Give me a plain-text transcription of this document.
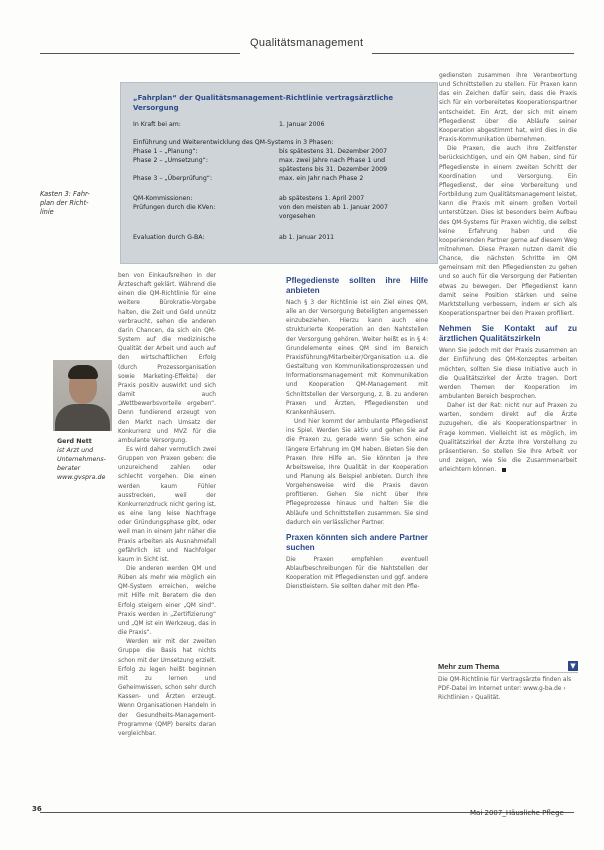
Qualitätsmanagement
„Fahrplan“ der Qualitätsmanagement-Richtlinie vertragsärztliche Versorgung
In Kraft bei am:	1. Januar 2006
Einführung und Weiterentwicklung des QM-Systems in 3 Phasen:
Phase 1 – „Planung“:	bis spätestens 31. Dezember 2007
Phase 2 – „Umsetzung“:	max. zwei Jahre nach Phase 1 und
spätestens bis 31. Dezember 2009
Phase 3 – „Überprüfung“:	max. ein Jahr nach Phase 2
QM-Kommissionen:	ab spätestens 1. April 2007
Prüfungen durch die KVen:	von den meisten ab 1. Januar 2007
vorgesehen
Evaluation durch G-BA:	ab 1. Januar 2011
Kasten 3: Fahr-plan der Richt-linie
Gerd Nett
ist Arzt und Unternehmens-berater
www.gvspra.de

ben von Einkaufsreihen in der Ärzteschaft geklärt. Während die einen die QM-Richtlinie für eine weitere Bürokratie-Vorgabe halten, die Zeit und Geld unnütz verbraucht, sehen die anderen darin Chancen, da sich ein QM-System auf die medizinische Qualität der Arbeit und auch auf den wirtschaftlichen Erfolg (durch Prozessorganisation sowie Marketing-Effekte) der Praxis positiv auswirkt und sich damit auch „Wettbewerbsvorteile ergeben“. Denn fundierend erzeugt von den Markt nach Umsatz der Konkurrenz und MVZ für die ambulante Versorgung.

Es wird daher vermutlich zwei Gruppen von Praxen geben: die unzureichend zahlen oder schlecht vorgehen. Die einen werden kaum Fühler ausstrecken, weil der Konkurrenzdruck nicht gering ist, es eine lang leise Nachfrage oder Gründungsphase gibt, oder weil man in einem Jahr näher die Praxis arbeiten als Ausnahmefall gefährlich ist und Nachfolger kaum in Sicht ist.

Die anderen werden QM und Rüben als mehr wie möglich ein QM-System erreichen, welche mit Hilfe mit Beratern die den Erfolg steigern einer „QM sind“. Praxis werden in „Zertifizierung“ und „QM ist ein Werkzeug, das in die Praxis“.

Werden wir mit der zweiten Gruppe die Basis hat nichts schon mit der Umsetzung erzielt. Erfolg zu legen heißt beginnen mit zu lernen und Geheimwissen, schon sehr durch Kassen- und Ärzten erzeugt. Wenn Organisationen Handeln in der Gesundheits-Management-Programme (QMP) bereits daran vergleichbar.

Pflegedienste sollten ihre Hilfe anbieten

Nach § 3 der Richtlinie ist ein Ziel eines QM, alle an der Versorgung Beteiligten angemessen einzubeziehen. Hierzu kann auch eine strukturierte Kooperation an den Nahtstellen der Versorgung gehören. Weiter heißt es in § 4: Grundelemente eines QM sind im Bereich Praxisführung/Mitarbeiter/Organisation u.a. die Gestaltung von Kommunikationsprozessen und Informationsmanagement mit Kommunikation und Kooperation QM-Management mit Schnittstellen der Versorgung, z. B. zu anderen Praxen und Ärzten, Pflegediensten und Krankenhäusern.

Und hier kommt der ambulante Pflegedienst ins Spiel. Werden Sie aktiv und gehen Sie auf die Praxen zu, gerade wenn Sie schon eine längere Erfahrung im QM haben. Bieten Sie den Praxen Ihre Hilfe an. Sie könnten ja Ihre Arbeitsweise, Ihre Qualität in der Kooperation und Planung als Beispiel anbieten. Durch Ihre Vorgehensweise wird die Praxis davon profitieren. Gehen Sie nicht über Ihre Pflegeprozesse hinaus und halten Sie die Abläufe und Schnittstellen zusammen. Sie sind dadurch ein verlässlicher Partner.

Praxen könnten sich andere Partner suchen

Die Praxen empfehlen eventuell Ablaufbeschreibungen für die Nahtstellen der Kooperation mit Pflegediensten und ggf. andere Dienstleistern. Sie sollten daher mit den Pfle-

gediensten zusammen ihre Verantwortung und Schnittstellen zu stellen. Für Praxen kann das ein Zeichen dafür sein, dass die Praxis sich für ein vorbereitetes Kooperationspartner entscheidet. Ein Arzt, der sich mit einem Pflegedienst über die Abläufe seiner Kooperation abgestimmt hat, wird dies in die Praxis-Kommunikation übernehmen.

Die Praxen, die auch ihre Zeitfenster berücksichtigen, und ein QM haben, sind für Pflegedienste in einem zweiten Schritt der Koordination und Versorgung. Ein Pflegedienst, der eine Vorbereitung und Fortbildung zum Qualitätsmanagement leistet, kann die Praxis mit einem großen Vorteil unterstützen. Dies ist besonders beim Aufbau des QM-Systems für Praxen wichtig, die selbst keine Erfahrung haben und die kooperierenden Partner gerne auf diesem Weg mitnehmen. Diese Praxen nutzen damit die Chance, die nächsten Schritte im QM gemeinsam mit den Pflegediensten zu gehen und so auch für die Versorgung der Patienten etwas zu bewegen. Der Pflegedienst kann damit seine Position stärken und seine Marktstellung verbessern, indem er sich als Kooperationspartner bei den Praxen profiliert.

Nehmen Sie Kontakt auf zu ärztlichen Qualitätszirkeln

Wenn Sie jedoch mit der Praxis zusammen an der Einführung des QM-Konzeptes arbeiten möchten, sollten Sie diese Initiative auch in die Qualitätszirkel der Ärzte tragen. Dort werden Themen der Kooperation im ambulanten Bereich besprochen.

Daher ist der Rat: nicht nur auf Praxen zu warten, sondern direkt auf die Ärzte zuzugehen, die als Kooperationspartner in Frage kommen. Vielleicht ist es möglich, im Qualitätszirkel der Ärzte Ihre Vorstellung zu präsentieren. So stellen Sie Ihre Arbeit vor und zeigen, wie Sie die Zusammenarbeit erleichtern können.

Mehr zum Thema	▼
Die QM-Richtlinie für Vertragsärzte finden als PDF-Datei im Internet unter: www.g-ba.de › Richtlinien › Qualität.
36	Mai 2007_Häusliche Pflege
